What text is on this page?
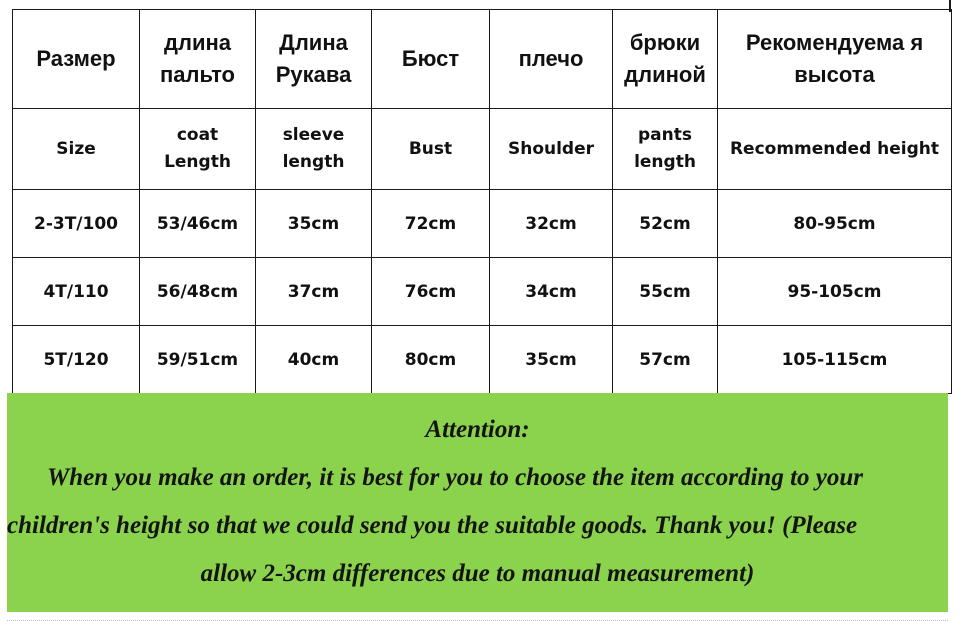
Размер	длина пальто	Длина Рукава	Бюст	плечо	брюки длиной	Рекомендуема я высота
Size	coat Length	sleeve length	Bust	Shoulder	pants length	Recommended height
2-3T/100	53/46cm	35cm	72cm	32cm	52cm	80-95cm
4T/110	56/48cm	37cm	76cm	34cm	55cm	95-105cm
5T/120	59/51cm	40cm	80cm	35cm	57cm	105-115cm
Attention:
When you make an order, it is best for you to choose the item according to your
children's height so that we could send you the suitable goods. Thank you! (Please
allow 2-3cm differences due to manual measurement)
